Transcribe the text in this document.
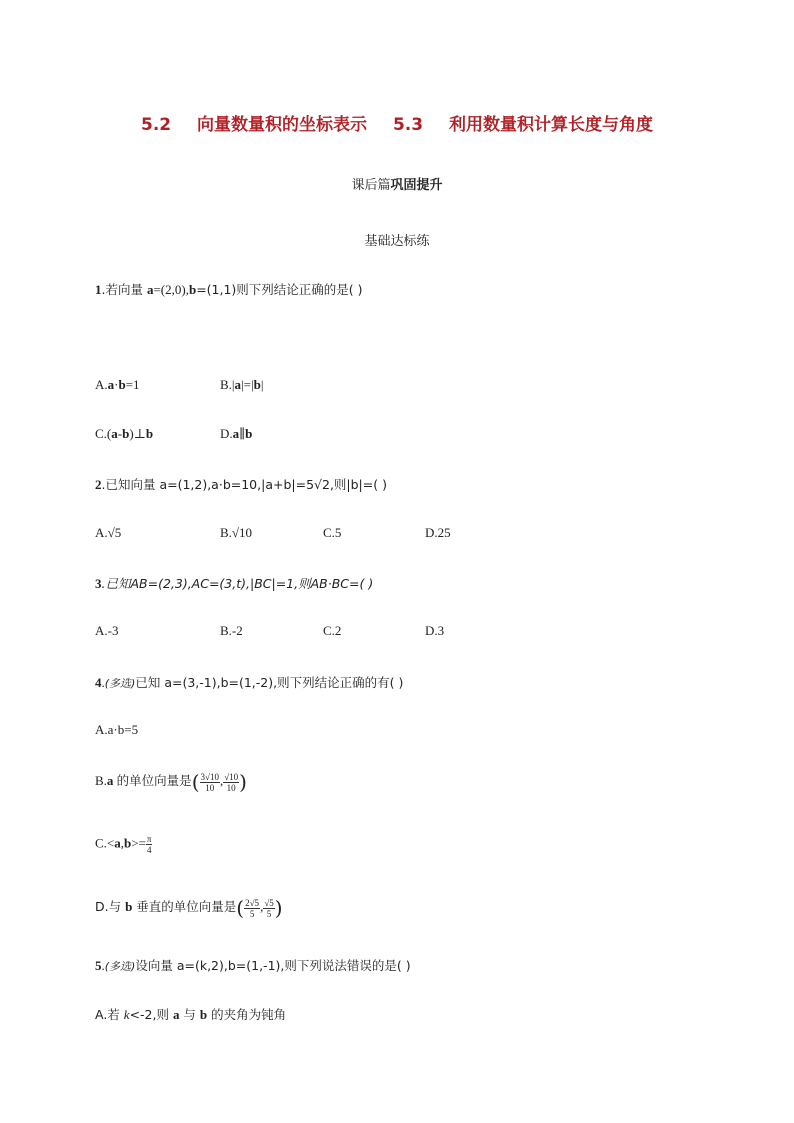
5.2 向量数量积的坐标表示 5.3 利用数量积计算长度与角度
课后篇巩固提升
基础达标练
1.若向量 a=(2,0),b=(1,1)则下列结论正确的是( )
A.a·b=1	B.|a|=|b|
C.(a-b)⊥b	D.a∥b
2.已知向量 a=(1,2),a·b=10,|a+b|=5√2,则|b|=( )
A.√5	B.√10	C.5	D.25
3.已知AB=(2,3),AC=(3,t),|BC|=1,则AB·BC=( )
A.-3	B.-2	C.2	D.3
4.(多选)已知 a=(3,-1),b=(1,-2),则下列结论正确的有( )
A.a·b=5
B.a 的单位向量是( $\frac{3√10}{10}$ , $\frac{√10}{10}$ )
$C.<a,b>= \frac{\pi}{4}$
D.与 b 垂直的单位向量是( $\frac{2√5}{5}$ , $\frac{√5}{5}$ )
5.(多选)设向量 a=(k,2),b=(1,-1),则下列说法错误的是( )
A.若 k<-2,则 a 与 b 的夹角为钝角
